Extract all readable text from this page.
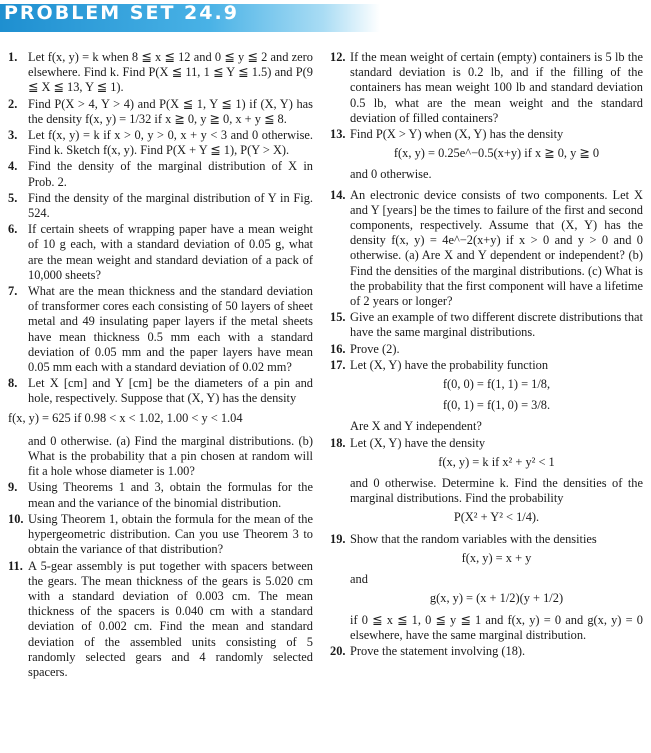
PROBLEM SET 24.9
1. Let f(x, y) = k when 8 ≦ x ≦ 12 and 0 ≦ y ≦ 2 and zero elsewhere. Find k. Find P(X ≦ 11, 1 ≦ Y ≦ 1.5) and P(9 ≦ X ≦ 13, Y ≦ 1).
2. Find P(X > 4, Y > 4) and P(X ≦ 1, Y ≦ 1) if (X, Y) has the density f(x, y) = 1/32 if x ≧ 0, y ≧ 0, x + y ≦ 8.
3. Let f(x, y) = k if x > 0, y > 0, x + y < 3 and 0 otherwise. Find k. Sketch f(x, y). Find P(X + Y ≦ 1), P(Y > X).
4. Find the density of the marginal distribution of X in Prob. 2.
5. Find the density of the marginal distribution of Y in Fig. 524.
6. If certain sheets of wrapping paper have a mean weight of 10 g each, with a standard deviation of 0.05 g, what are the mean weight and standard deviation of a pack of 10,000 sheets?
7. What are the mean thickness and the standard deviation of transformer cores each consisting of 50 layers of sheet metal and 49 insulating paper layers if the metal sheets have mean thickness 0.5 mm each with a standard deviation of 0.05 mm and the paper layers have mean 0.05 mm each with a standard deviation of 0.02 mm?
8. Let X [cm] and Y [cm] be the diameters of a pin and hole, respectively. Suppose that (X, Y) has the density
f(x, y) = 625 if 0.98 < x < 1.02, 1.00 < y < 1.04
and 0 otherwise. (a) Find the marginal distributions. (b) What is the probability that a pin chosen at random will fit a hole whose diameter is 1.00?
9. Using Theorems 1 and 3, obtain the formulas for the mean and the variance of the binomial distribution.
10. Using Theorem 1, obtain the formula for the mean of the hypergeometric distribution. Can you use Theorem 3 to obtain the variance of that distribution?
11. A 5-gear assembly is put together with spacers between the gears. The mean thickness of the gears is 5.020 cm with a standard deviation of 0.003 cm. The mean thickness of the spacers is 0.040 cm with a standard deviation of 0.002 cm. Find the mean and standard deviation of the assembled units consisting of 5 randomly selected gears and 4 randomly selected spacers.
12. If the mean weight of certain (empty) containers is 5 lb the standard deviation is 0.2 lb, and if the filling of the containers has mean weight 100 lb and standard deviation 0.5 lb, what are the mean weight and the standard deviation of filled containers?
13. Find P(X > Y) when (X, Y) has the density
f(x, y) = 0.25e^−0.5(x+y) if x ≧ 0, y ≧ 0
and 0 otherwise.
14. An electronic device consists of two components. Let X and Y [years] be the times to failure of the first and second components, respectively. Assume that (X, Y) has the density f(x, y) = 4e^−2(x+y) if x > 0 and y > 0 and 0 otherwise. (a) Are X and Y dependent or independent? (b) Find the densities of the marginal distributions. (c) What is the probability that the first component will have a lifetime of 2 years or longer?
15. Give an example of two different discrete distributions that have the same marginal distributions.
16. Prove (2).
17. Let (X, Y) have the probability function
f(0, 0) = f(1, 1) = 1/8,
f(0, 1) = f(1, 0) = 3/8.
Are X and Y independent?
18. Let (X, Y) have the density
f(x, y) = k if x² + y² < 1
and 0 otherwise. Determine k. Find the densities of the marginal distributions. Find the probability
P(X² + Y² < 1/4).
19. Show that the random variables with the densities
f(x, y) = x + y
and
g(x, y) = (x + 1/2)(y + 1/2)
if 0 ≦ x ≦ 1, 0 ≦ y ≦ 1 and f(x, y) = 0 and g(x, y) = 0 elsewhere, have the same marginal distribution.
20. Prove the statement involving (18).
